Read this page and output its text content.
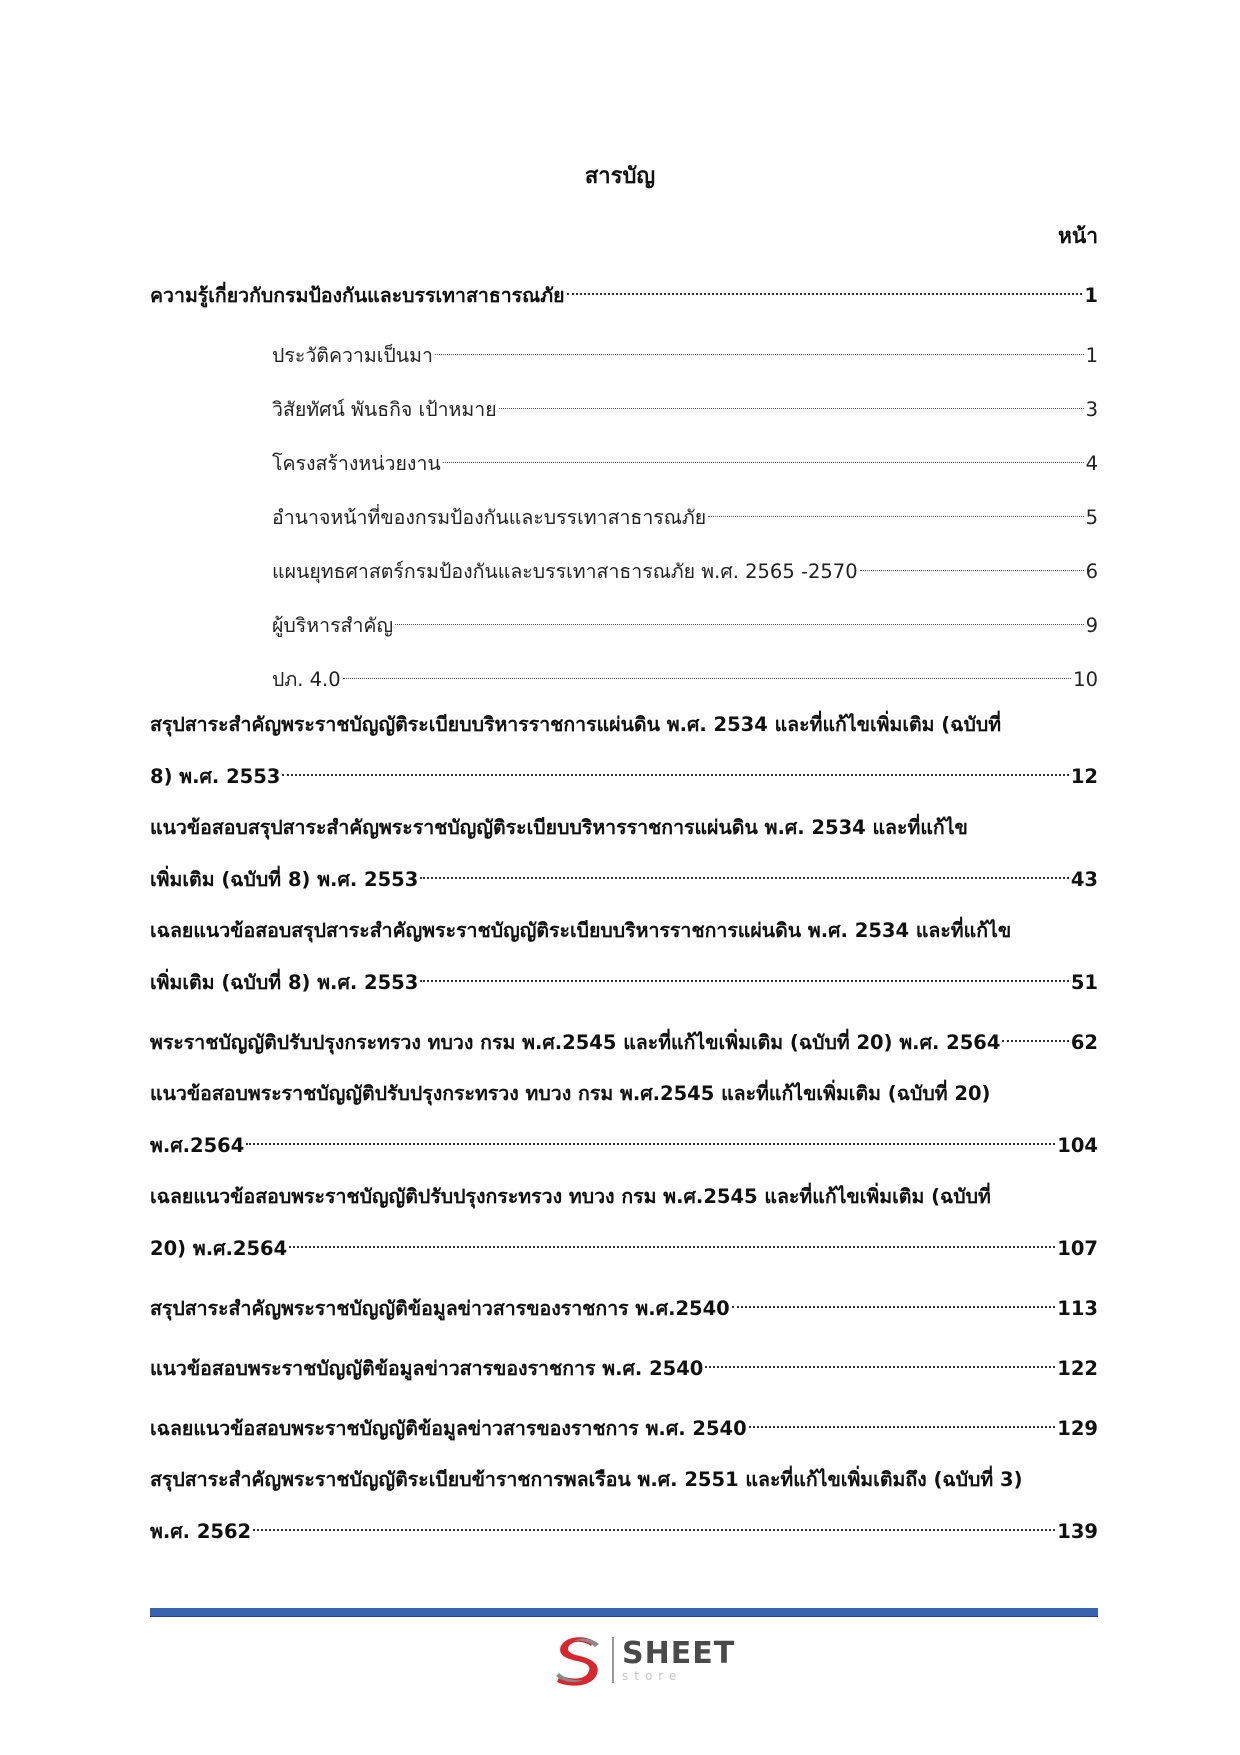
สารบัญ
หน้า
ความรู้เกี่ยวกับกรมป้องกันและบรรเทาสาธารณภัย	1
ประวัติความเป็นมา	1
วิสัยทัศน์ พันธกิจ เป้าหมาย	3
โครงสร้างหน่วยงาน	4
อำนาจหน้าที่ของกรมป้องกันและบรรเทาสาธารณภัย	5
แผนยุทธศาสตร์กรมป้องกันและบรรเทาสาธารณภัย พ.ศ. 2565 -2570	6
ผู้บริหารสำคัญ	9
ปภ. 4.0	10
สรุปสาระสำคัญพระราชบัญญัติระเบียบบริหารราชการแผ่นดิน พ.ศ. 2534 และที่แก้ไขเพิ่มเติม (ฉบับที่
8) พ.ศ. 2553	12
แนวข้อสอบสรุปสาระสำคัญพระราชบัญญัติระเบียบบริหารราชการแผ่นดิน พ.ศ. 2534 และที่แก้ไข
เพิ่มเติม (ฉบับที่ 8) พ.ศ. 2553	43
เฉลยแนวข้อสอบสรุปสาระสำคัญพระราชบัญญัติระเบียบบริหารราชการแผ่นดิน พ.ศ. 2534 และที่แก้ไข
เพิ่มเติม (ฉบับที่ 8) พ.ศ. 2553	51
พระราชบัญญัติปรับปรุงกระทรวง ทบวง กรม พ.ศ.2545 และที่แก้ไขเพิ่มเติม (ฉบับที่ 20) พ.ศ. 2564	62
แนวข้อสอบพระราชบัญญัติปรับปรุงกระทรวง ทบวง กรม พ.ศ.2545 และที่แก้ไขเพิ่มเติม (ฉบับที่ 20)
พ.ศ.2564	104
เฉลยแนวข้อสอบพระราชบัญญัติปรับปรุงกระทรวง ทบวง กรม พ.ศ.2545 และที่แก้ไขเพิ่มเติม (ฉบับที่
20) พ.ศ.2564	107
สรุปสาระสำคัญพระราชบัญญัติข้อมูลข่าวสารของราชการ พ.ศ.2540	113
แนวข้อสอบพระราชบัญญัติข้อมูลข่าวสารของราชการ พ.ศ. 2540	122
เฉลยแนวข้อสอบพระราชบัญญัติข้อมูลข่าวสารของราชการ พ.ศ. 2540	129
สรุปสาระสำคัญพระราชบัญญัติระเบียบข้าราชการพลเรือน พ.ศ. 2551 และที่แก้ไขเพิ่มเติมถึง (ฉบับที่ 3)
พ.ศ. 2562	139
SHEET
store
